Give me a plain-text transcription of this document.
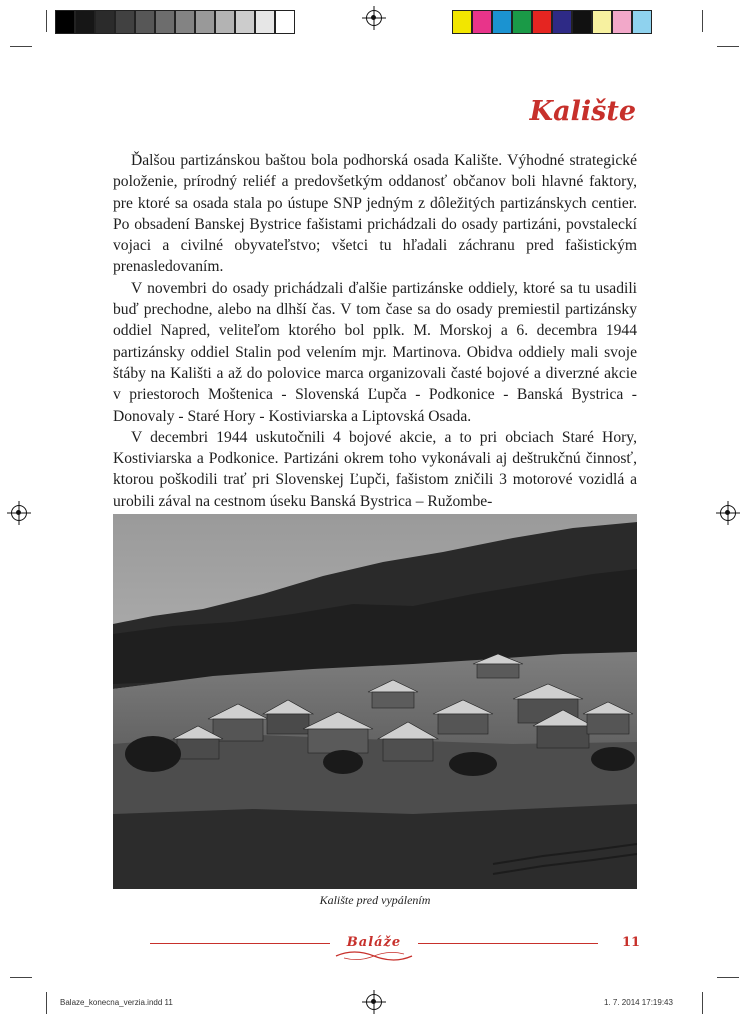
Kalište

Ďalšou partizánskou baštou bola podhorská osada Kalište. Výhodné strategické položenie, prírodný reliéf a predovšetkým oddanosť občanov boli hlavné faktory, pre ktoré sa osada stala po ústupe SNP jedným z dôležitých partizánskych centier. Po obsadení Banskej Bystrice fašistami prichádzali do osady partizáni, povstaleckí vojaci a civilné obyvateľstvo; všetci tu hľadali záchranu pred fašistickým prenasledovaním.

V novembri do osady prichádzali ďalšie partizánske oddiely, ktoré sa tu usadili buď prechodne, alebo na dlhší čas. V tom čase sa do osady premiestil partizánsky oddiel Napred, veliteľom ktorého bol pplk. M. Morskoj a 6. decembra 1944 partizánsky oddiel Stalin pod velením mjr. Martinova. Obidva oddiely mali svoje štáby na Kališti a až do polovice marca organizovali časté bojové a diverzné akcie v priestoroch Moštenica - Slovenská Ľupča - Podkonice - Banská Bystrica - Donovaly - Staré Hory - Kostiviarska a Liptovská Osada.

V decembri 1944 uskutočnili 4 bojové akcie, a to pri obciach Staré Hory, Kostiviarska a Podkonice. Partizáni okrem toho vykonávali aj deštrukčnú činnosť, ktorou poškodili trať pri Slovenskej Ľupči, fašistom zničili 3 motorové vozidlá a urobili zával na cestnom úseku Banská Bystrica – Ružombe-

Kalište pred vypálením
Baláže	11
Balaze_konecna_verzia.indd 11	1. 7. 2014 17:19:43
